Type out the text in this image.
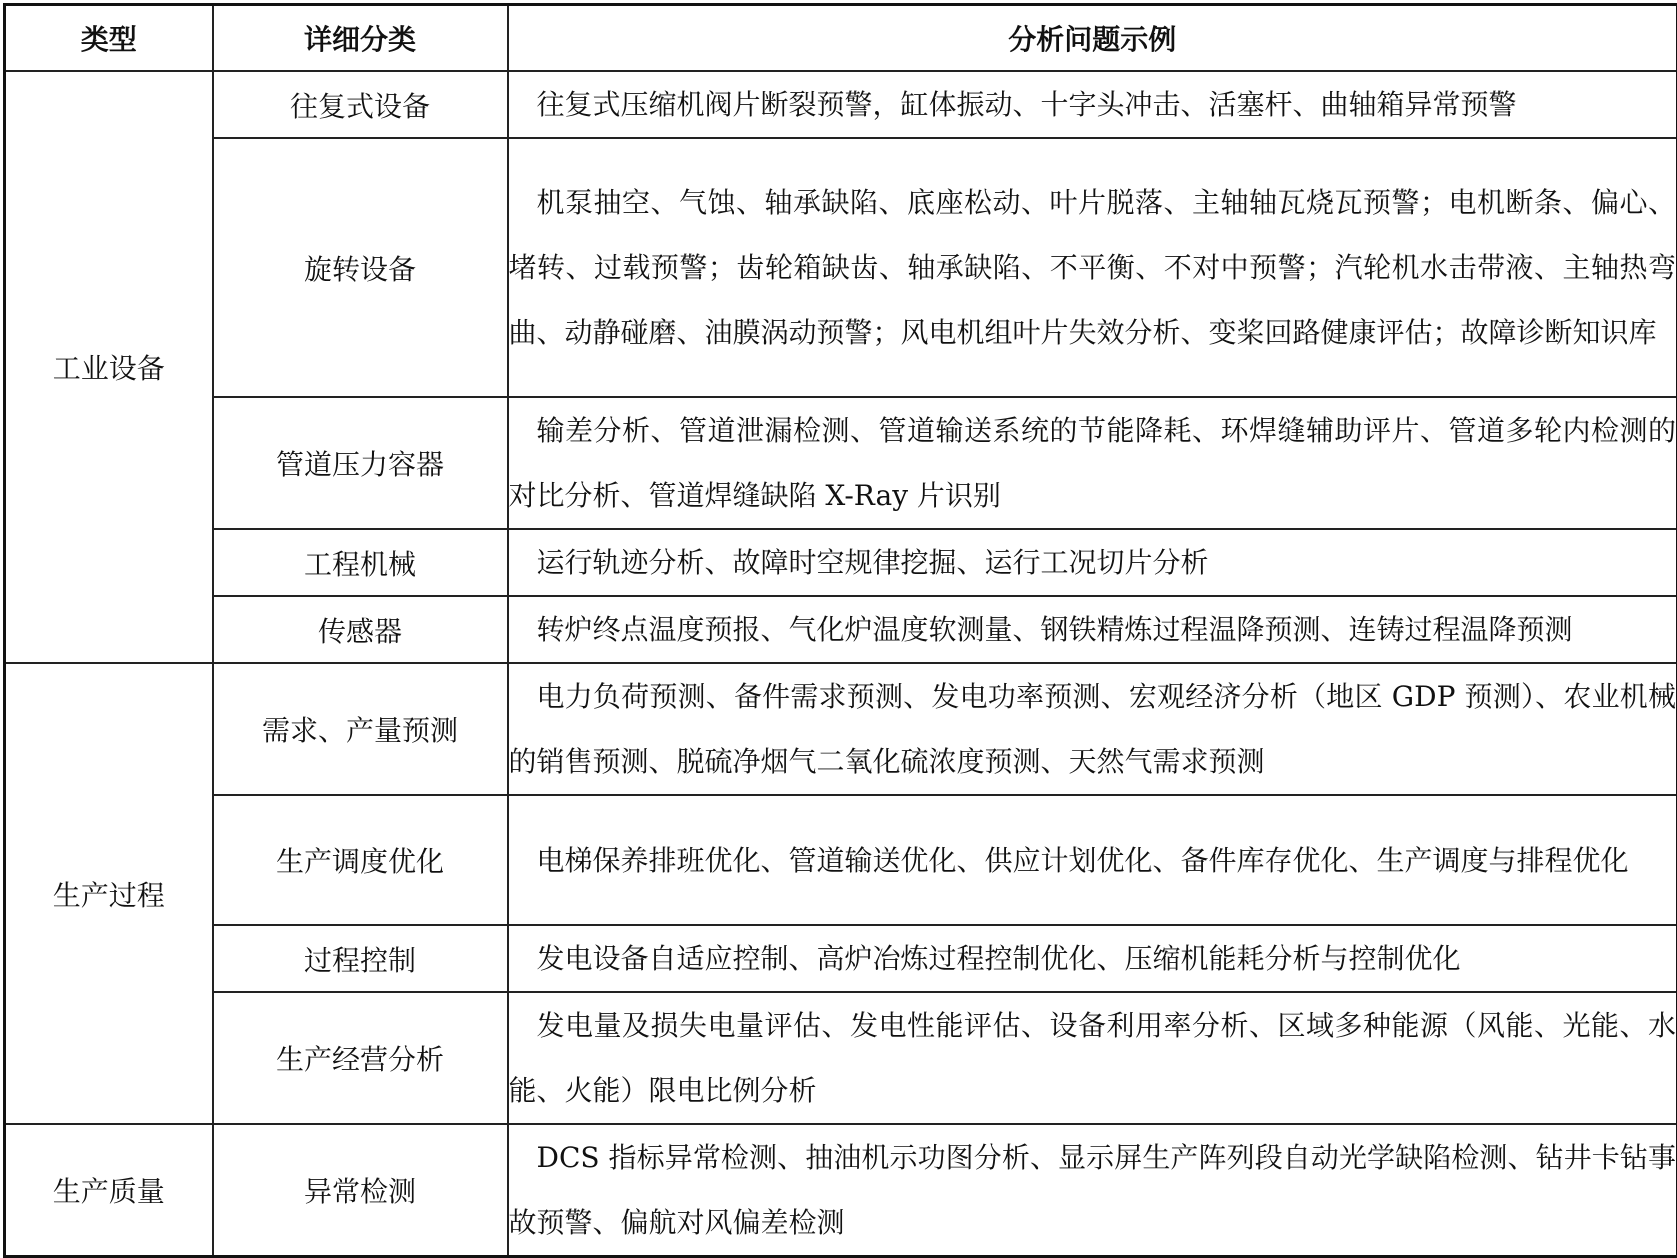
类型	详细分类	分析问题示例
工业设备	往复式设备	往复式压缩机阀片断裂预警，缸体振动、十字头冲击、活塞杆、曲轴箱异常预警
	旋转设备	机泵抽空、气蚀、轴承缺陷、底座松动、叶片脱落、主轴轴瓦烧瓦预警；电机断条、偏心、堵转、过载预警；齿轮箱缺齿、轴承缺陷、不平衡、不对中预警；汽轮机水击带液、主轴热弯曲、动静碰磨、油膜涡动预警；风电机组叶片失效分析、变桨回路健康评估；故障诊断知识库
	管道压力容器	输差分析、管道泄漏检测、管道输送系统的节能降耗、环焊缝辅助评片、管道多轮内检测的对比分析、管道焊缝缺陷 X-Ray 片识别
	工程机械	运行轨迹分析、故障时空规律挖掘、运行工况切片分析
	传感器	转炉终点温度预报、气化炉温度软测量、钢铁精炼过程温降预测、连铸过程温降预测
生产过程	需求、产量预测	电力负荷预测、备件需求预测、发电功率预测、宏观经济分析（地区 GDP 预测）、农业机械的销售预测、脱硫净烟气二氧化硫浓度预测、天然气需求预测
	生产调度优化	电梯保养排班优化、管道输送优化、供应计划优化、备件库存优化、生产调度与排程优化
	过程控制	发电设备自适应控制、高炉冶炼过程控制优化、压缩机能耗分析与控制优化
	生产经营分析	发电量及损失电量评估、发电性能评估、设备利用率分析、区域多种能源（风能、光能、水能、火能）限电比例分析
生产质量	异常检测	DCS 指标异常检测、抽油机示功图分析、显示屏生产阵列段自动光学缺陷检测、钻井卡钻事故预警、偏航对风偏差检测
